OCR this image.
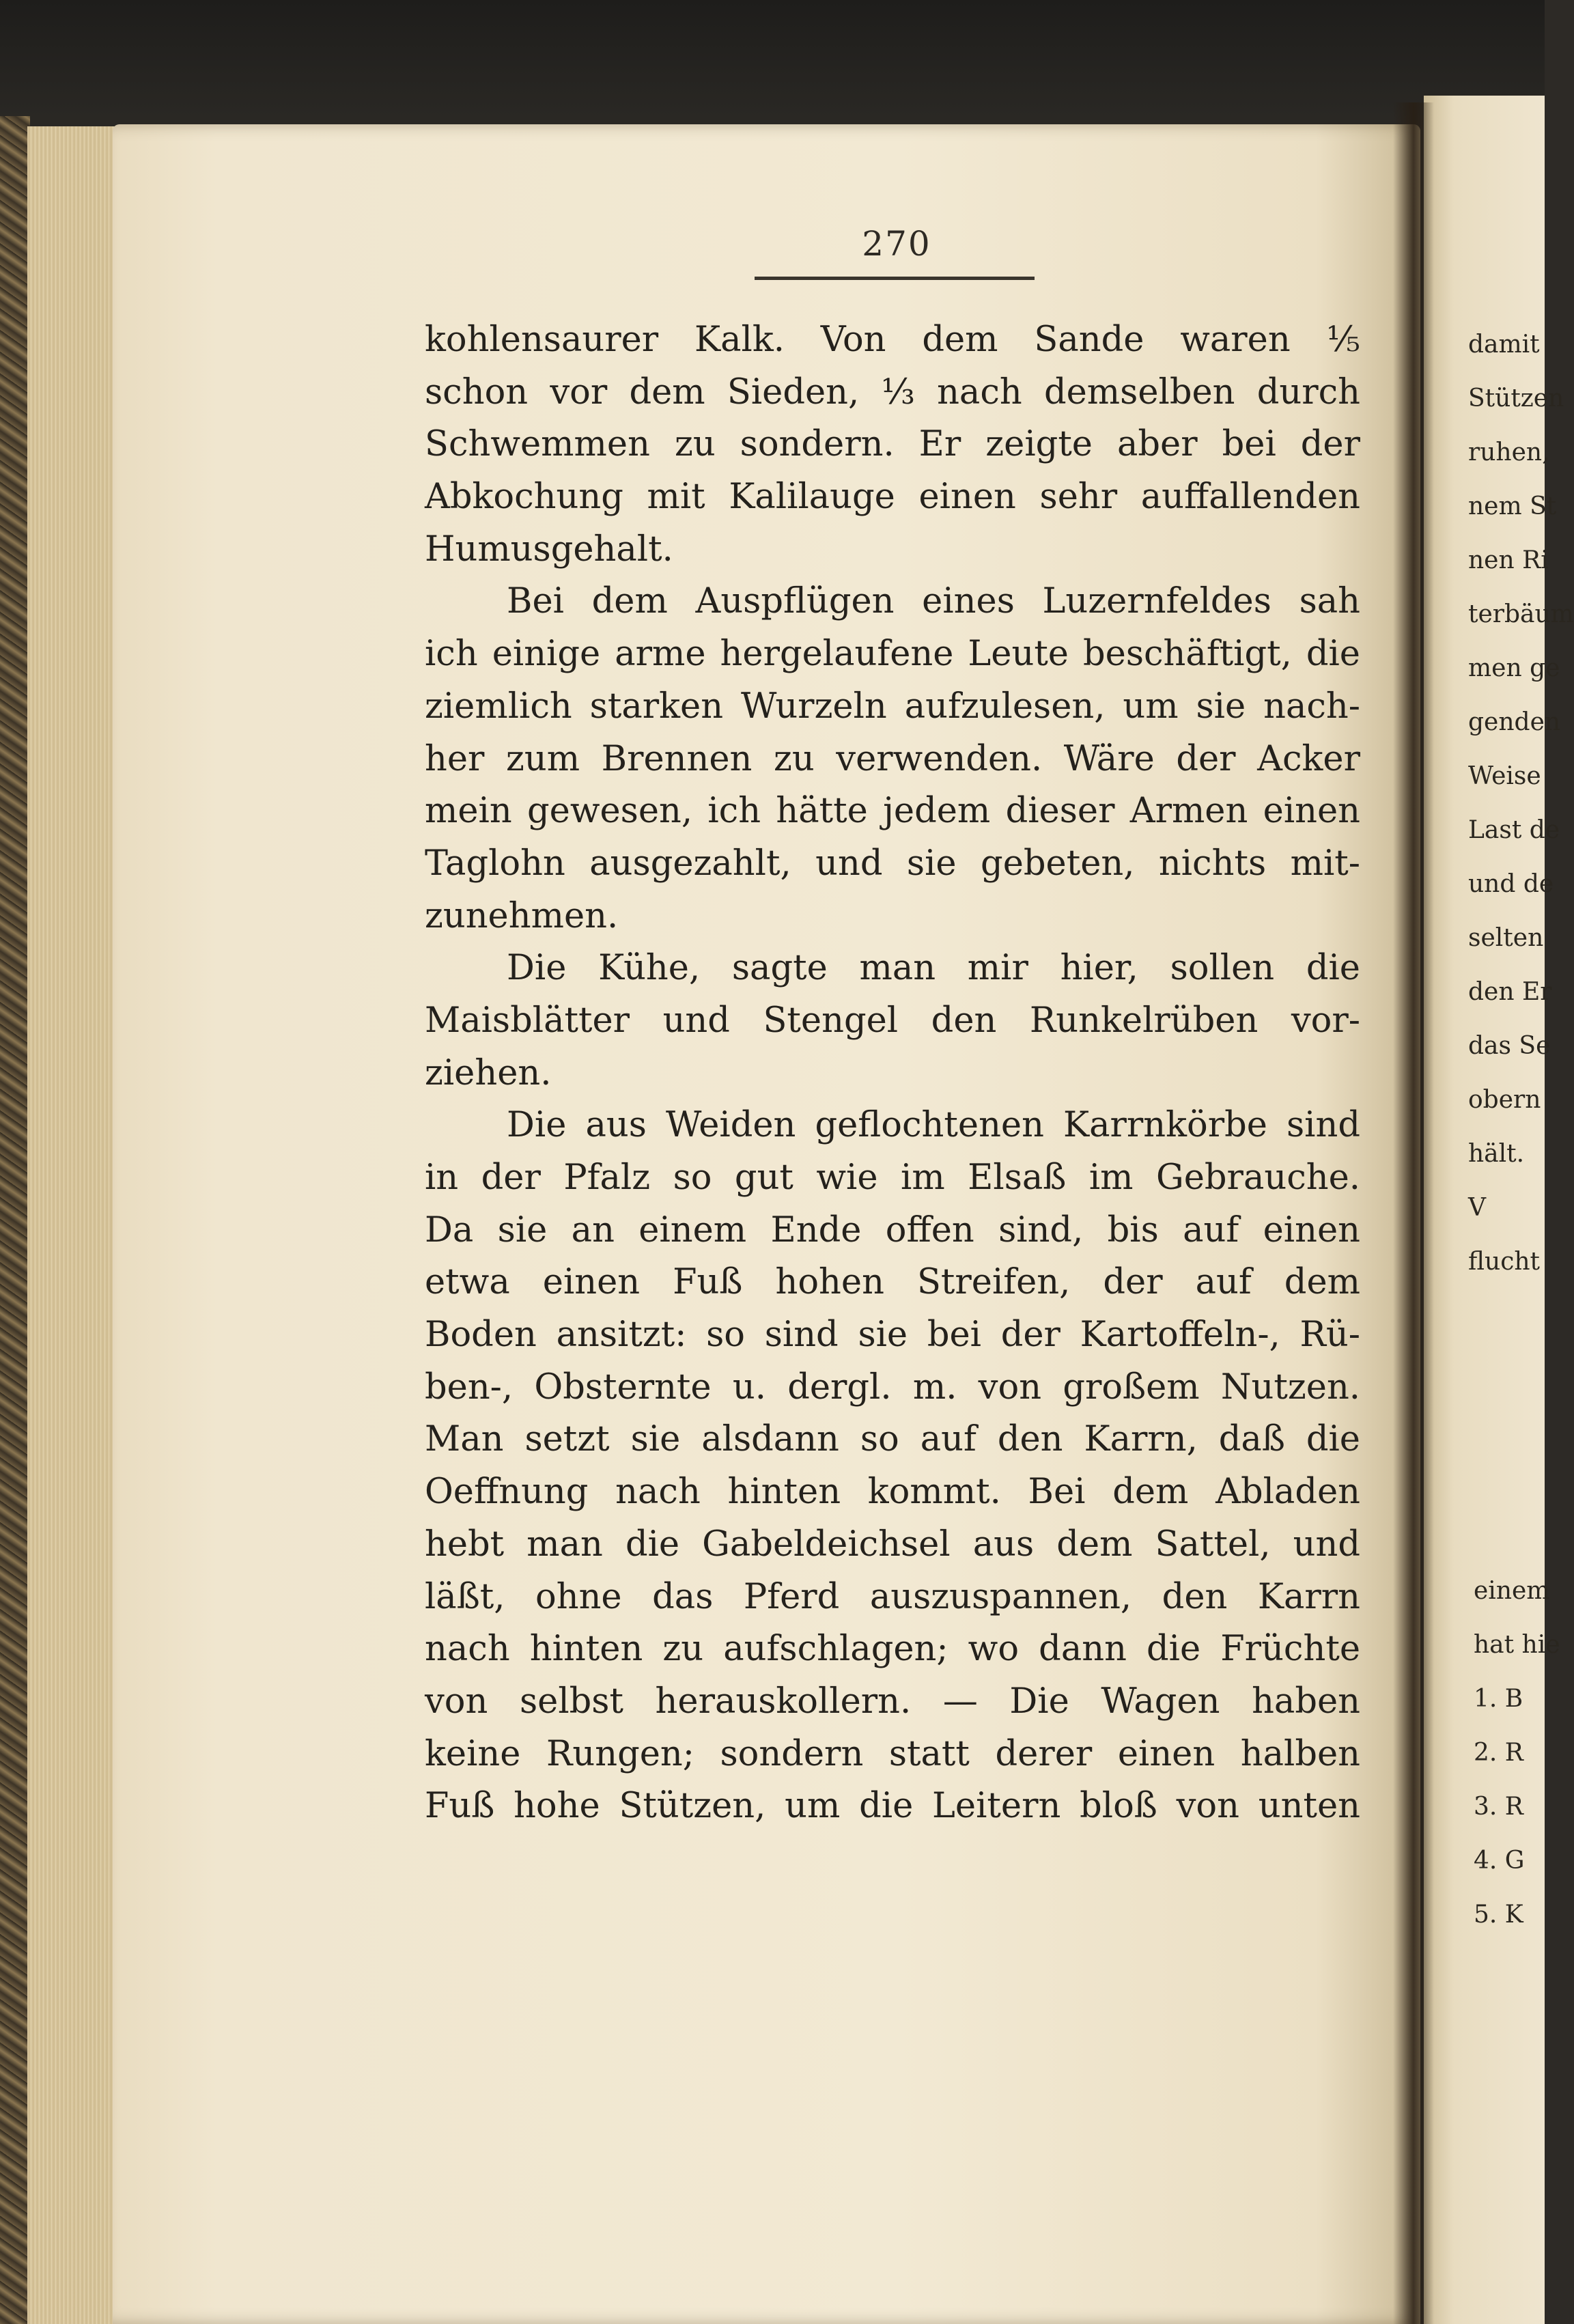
270
kohlensaurer Kalk. Von dem Sande waren ⅕
schon vor dem Sieden, ⅓ nach demselben durch
Schwemmen zu sondern. Er zeigte aber bei der
Abkochung mit Kalilauge einen sehr auffallenden
Humusgehalt.
Bei dem Auspflügen eines Luzernfeldes sah
ich einige arme hergelaufene Leute beschäftigt, die
ziemlich starken Wurzeln aufzulesen, um sie nach-
her zum Brennen zu verwenden. Wäre der Acker
mein gewesen, ich hätte jedem dieser Armen einen
Taglohn ausgezahlt, und sie gebeten, nichts mit-
zunehmen.
Die Kühe, sagte man mir hier, sollen die
Maisblätter und Stengel den Runkelrüben vor-
ziehen.
Die aus Weiden geflochtenen Karrnkörbe sind
in der Pfalz so gut wie im Elsaß im Gebrauche.
Da sie an einem Ende offen sind, bis auf einen
etwa einen Fuß hohen Streifen, der auf dem
Boden ansitzt: so sind sie bei der Kartoffeln-, Rü-
ben-, Obsternte u. dergl. m. von großem Nutzen.
Man setzt sie alsdann so auf den Karrn, daß die
Oeffnung nach hinten kommt. Bei dem Abladen
hebt man die Gabeldeichsel aus dem Sattel, und
läßt, ohne das Pferd auszuspannen, den Karrn
nach hinten zu aufschlagen; wo dann die Früchte
von selbst herauskollern. — Die Wagen haben
keine Rungen; sondern statt derer einen halben
Fuß hohe Stützen, um die Leitern bloß von unten
damit
Stützen
ruhen,
nem St
nen Ri
terbäum
men ge
genden
Weise
Last de
und de
selten
den Er
das Se
obern
hält.
V
flucht
einem
hat hie
1. B
2. R
3. R
4. G
5. K
